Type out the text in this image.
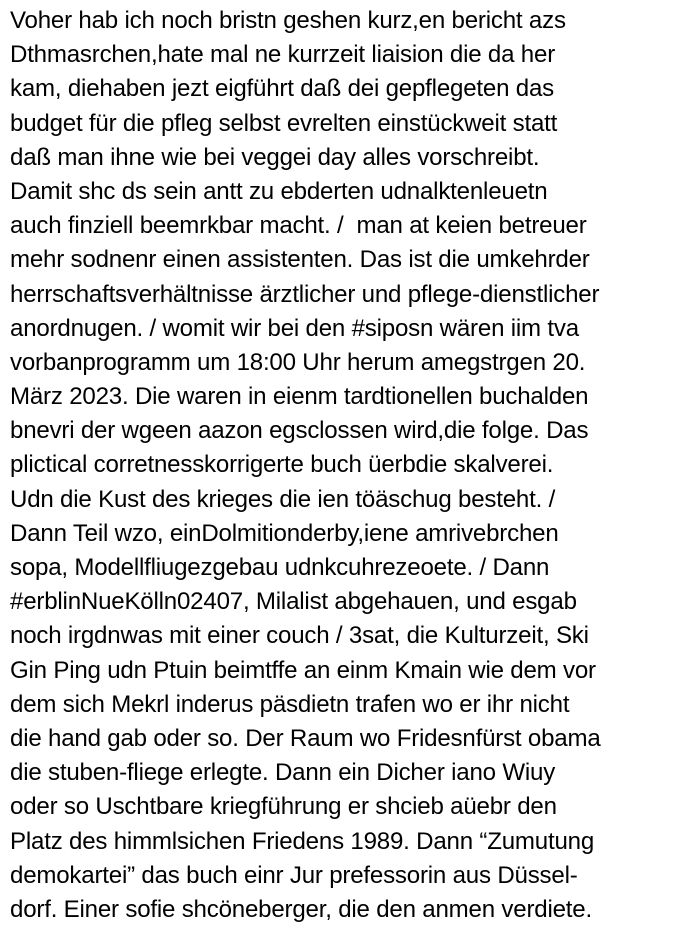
Voher hab ich noch bristn geshen kurz,en bericht azs
Dthmasrchen,hate mal ne kurrzeit liaision die da her
kam, diehaben jezt eigführt daß dei gepflegeten das
budget für die pfleg selbst evrelten einstückweit statt
daß man ihne wie bei veggei day alles vorschreibt.
Damit shc ds sein antt zu ebderten udnalktenleuetn
auch finziell beemrkbar macht. /  man at keien betreuer
mehr sodnenr einen assistenten. Das ist die umkehrder
herrschaftsverhältnisse ärztlicher und pflege-dienstlicher
anordnugen. / womit wir bei den #siposn wären iim tva
vorbanprogramm um 18:00 Uhr herum amegstrgen 20.
März 2023. Die waren in eienm tardtionellen buchalden
bnevri der wgeen aazon egsclossen wird,die folge. Das
plictical corretnesskorrigerte buch üerbdie skalverei.
Udn die Kust des krieges die ien töäschug besteht. /
Dann Teil wzo, einDolmitionderby,iene amrivebrchen
sopa, Modellfliugezgebau udnkcuhrezeoete. / Dann
#erblinNueKölln02407, Milalist abgehauen, und esgab
noch irgdnwas mit einer couch / 3sat, die Kulturzeit, Ski
Gin Ping udn Ptuin beimtffe an einm Kmain wie dem vor
dem sich Mekrl inderus päsdietn trafen wo er ihr nicht
die hand gab oder so. Der Raum wo Fridesnfürst obama
die stuben-fliege erlegte. Dann ein Dicher iano Wiuy
oder so Uschtbare kriegführung er shcieb aüebr den
Platz des himmlsichen Friedens 1989. Dann “Zumutung
demokartei” das buch einr Jur prefessorin aus Düssel-
dorf. Einer sofie shcöneberger, die den anmen verdiete.
